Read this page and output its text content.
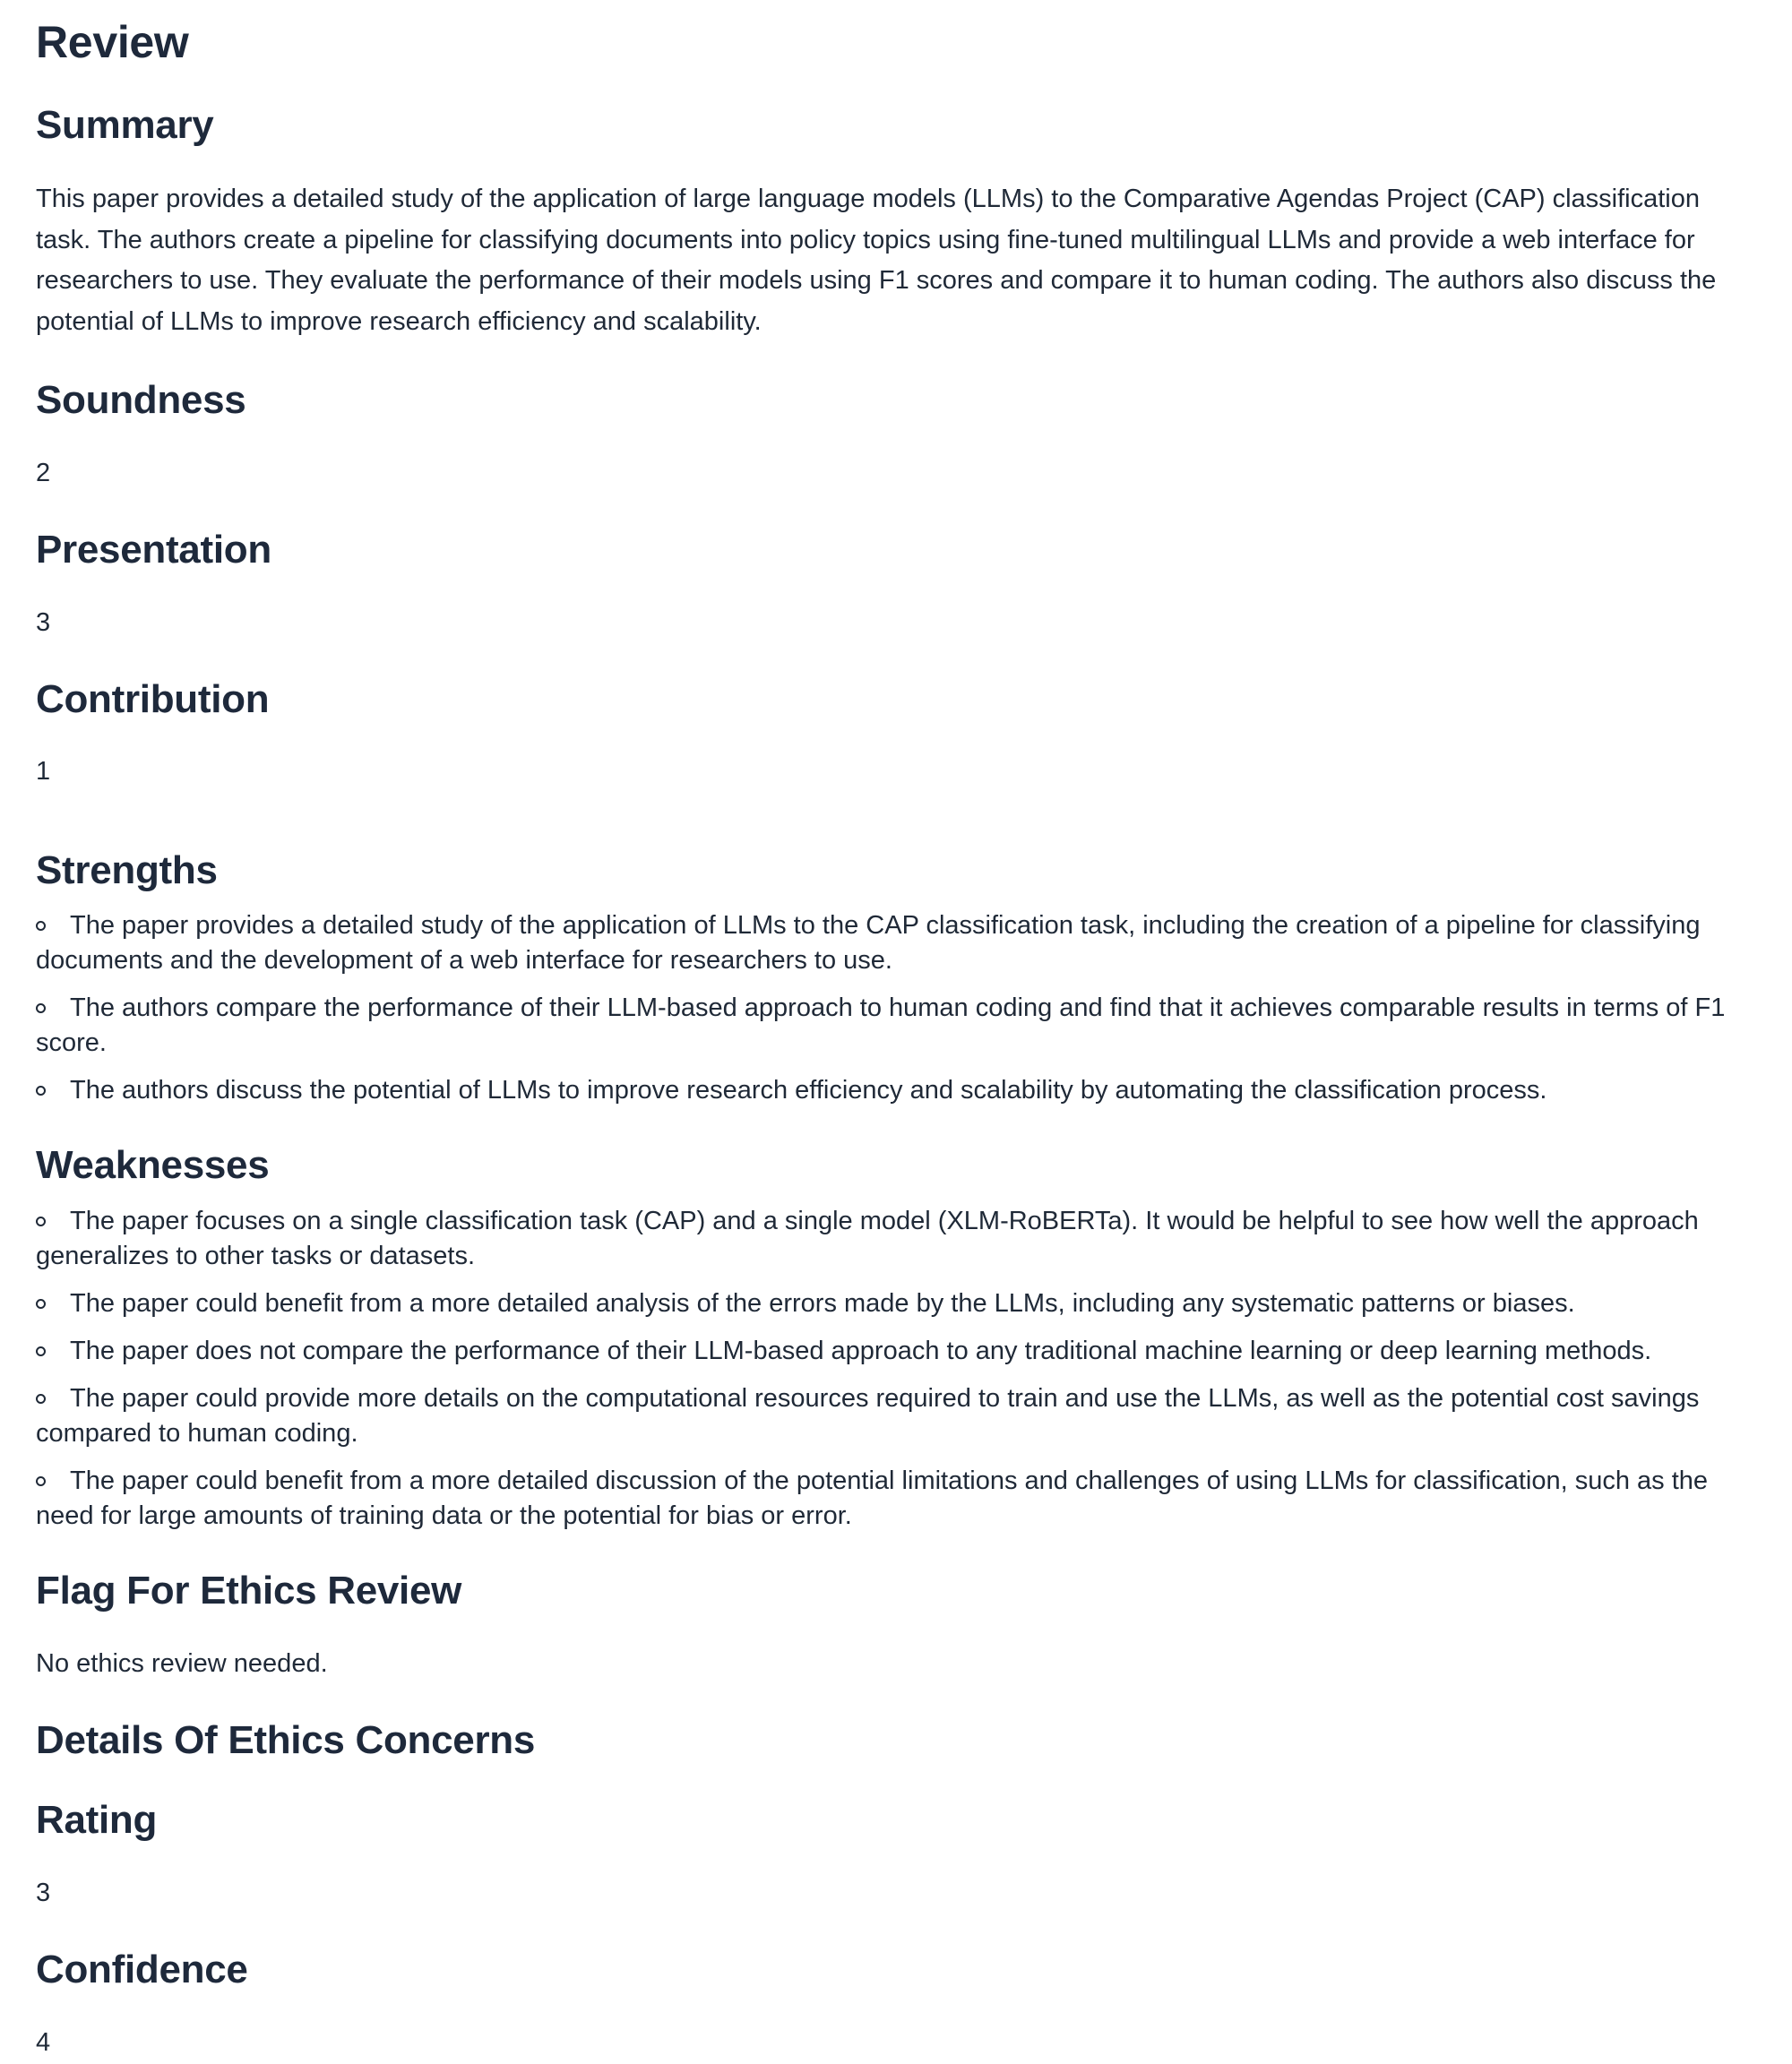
Review
Summary

This paper provides a detailed study of the application of large language models (LLMs) to the Comparative Agendas Project (CAP) classification task. The authors create a pipeline for classifying documents into policy topics using fine-tuned multilingual LLMs and provide a web interface for researchers to use. They evaluate the performance of their models using F1 scores and compare it to human coding. The authors also discuss the potential of LLMs to improve research efficiency and scalability.

Soundness

2

Presentation

3

Contribution

1

Strengths
The paper provides a detailed study of the application of LLMs to the CAP classification task, including the creation of a pipeline for classifying documents and the development of a web interface for researchers to use.
The authors compare the performance of their LLM-based approach to human coding and find that it achieves comparable results in terms of F1 score.
The authors discuss the potential of LLMs to improve research efficiency and scalability by automating the classification process.
Weaknesses
The paper focuses on a single classification task (CAP) and a single model (XLM-RoBERTa). It would be helpful to see how well the approach generalizes to other tasks or datasets.
The paper could benefit from a more detailed analysis of the errors made by the LLMs, including any systematic patterns or biases.
The paper does not compare the performance of their LLM-based approach to any traditional machine learning or deep learning methods.
The paper could provide more details on the computational resources required to train and use the LLMs, as well as the potential cost savings compared to human coding.
The paper could benefit from a more detailed discussion of the potential limitations and challenges of using LLMs for classification, such as the need for large amounts of training data or the potential for bias or error.
Flag For Ethics Review

No ethics review needed.

Details Of Ethics Concerns
Rating

3

Confidence

4
